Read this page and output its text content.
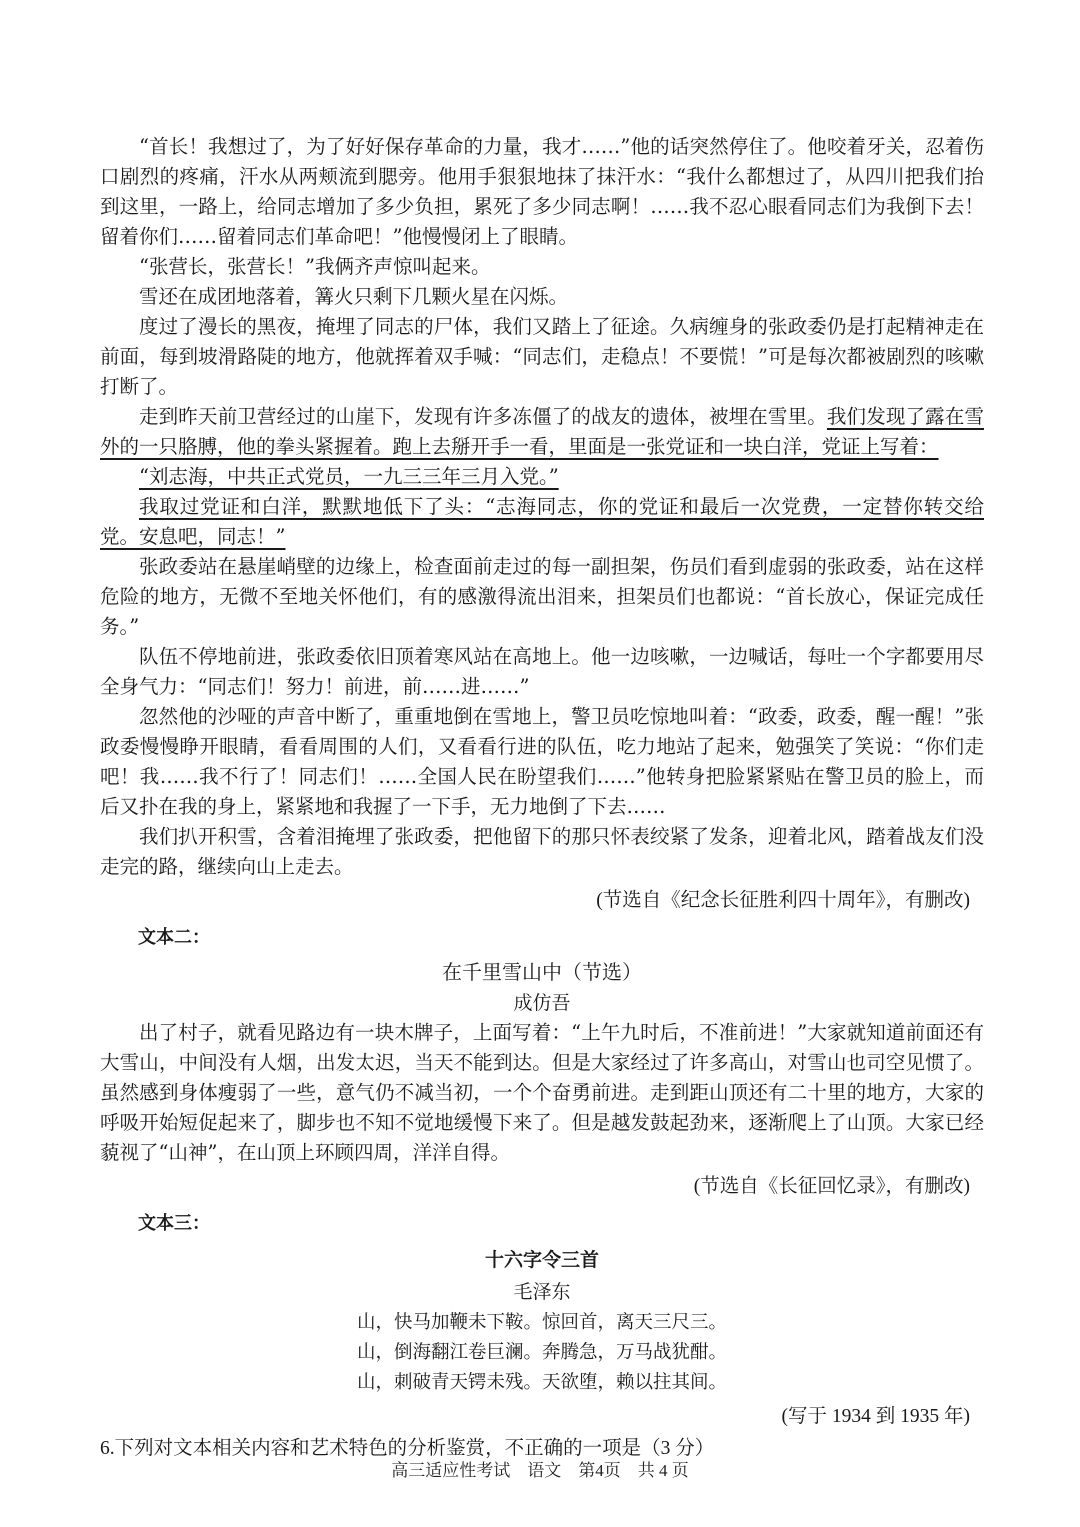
“首长！我想过了，为了好好保存革命的力量，我才……”他的话突然停住了。他咬着牙关，忍着伤口剧烈的疼痛，汗水从两颊流到腮旁。他用手狠狠地抹了抹汗水：“我什么都想过了，从四川把我们抬到这里，一路上，给同志增加了多少负担，累死了多少同志啊！……我不忍心眼看同志们为我倒下去！留着你们……留着同志们革命吧！”他慢慢闭上了眼睛。

“张营长，张营长！”我俩齐声惊叫起来。

雪还在成团地落着，篝火只剩下几颗火星在闪烁。

度过了漫长的黑夜，掩埋了同志的尸体，我们又踏上了征途。久病缠身的张政委仍是打起精神走在前面，每到坡滑路陡的地方，他就挥着双手喊：“同志们，走稳点！不要慌！”可是每次都被剧烈的咳嗽打断了。

走到昨天前卫营经过的山崖下，发现有许多冻僵了的战友的遗体，被埋在雪里。我们发现了露在雪外的一只胳膊，他的拳头紧握着。跑上去掰开手一看，里面是一张党证和一块白洋，党证上写着：

“刘志海，中共正式党员，一九三三年三月入党。”

我取过党证和白洋，默默地低下了头：“志海同志，你的党证和最后一次党费，一定替你转交给党。安息吧，同志！”

张政委站在悬崖峭壁的边缘上，检查面前走过的每一副担架，伤员们看到虚弱的张政委，站在这样危险的地方，无微不至地关怀他们，有的感激得流出泪来，担架员们也都说：“首长放心，保证完成任务。”

队伍不停地前进，张政委依旧顶着寒风站在高地上。他一边咳嗽，一边喊话，每吐一个字都要用尽全身气力：“同志们！努力！前进，前……进……”

忽然他的沙哑的声音中断了，重重地倒在雪地上，警卫员吃惊地叫着：“政委，政委，醒一醒！”张政委慢慢睁开眼睛，看看周围的人们，又看看行进的队伍，吃力地站了起来，勉强笑了笑说：“你们走吧！我……我不行了！同志们！……全国人民在盼望我们……”他转身把脸紧紧贴在警卫员的脸上，而后又扑在我的身上，紧紧地和我握了一下手，无力地倒了下去……

我们扒开积雪，含着泪掩埋了张政委，把他留下的那只怀表绞紧了发条，迎着北风，踏着战友们没走完的路，继续向山上走去。

(节选自《纪念长征胜利四十周年》，有删改)
文本二：
在千里雪山中（节选）
成仿吾

出了村子，就看见路边有一块木牌子，上面写着：“上午九时后，不准前进！”大家就知道前面还有大雪山，中间没有人烟，出发太迟，当天不能到达。但是大家经过了许多高山，对雪山也司空见惯了。虽然感到身体瘦弱了一些，意气仍不减当初，一个个奋勇前进。走到距山顶还有二十里的地方，大家的呼吸开始短促起来了，脚步也不知不觉地缓慢下来了。但是越发鼓起劲来，逐渐爬上了山顶。大家已经藐视了“山神”，在山顶上环顾四周，洋洋自得。

(节选自《长征回忆录》，有删改)
文本三：
十六字令三首
毛泽东
山，快马加鞭未下鞍。惊回首，离天三尺三。
山，倒海翻江卷巨澜。奔腾急，万马战犹酣。
山，刺破青天锷未残。天欲堕，赖以拄其间。
(写于 1934 到 1935 年)

6.下列对文本相关内容和艺术特色的分析鉴赏，不正确的一项是（3 分）

高三适应性考试　语文　第4页　共 4 页
